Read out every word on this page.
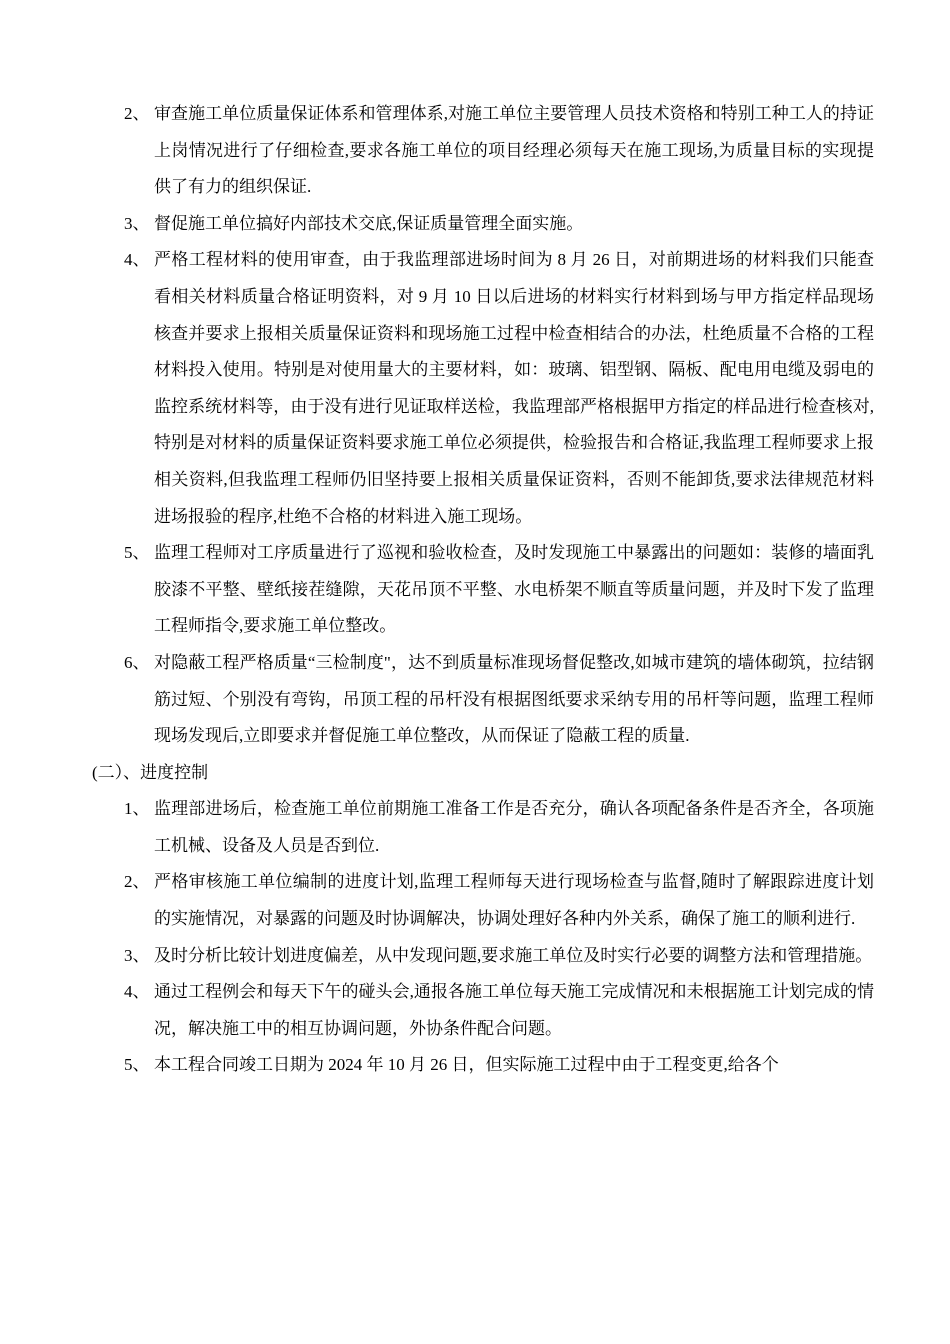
2、 审查施工单位质量保证体系和管理体系,对施工单位主要管理人员技术资格和特别工种工人的持证上岗情况进行了仔细检查,要求各施工单位的项目经理必须每天在施工现场,为质量目标的实现提供了有力的组织保证.
3、 督促施工单位搞好内部技术交底,保证质量管理全面实施。
4、 严格工程材料的使用审查，由于我监理部进场时间为 8 月 26 日，对前期进场的材料我们只能查看相关材料质量合格证明资料，对 9 月 10 日以后进场的材料实行材料到场与甲方指定样品现场核查并要求上报相关质量保证资料和现场施工过程中检查相结合的办法，杜绝质量不合格的工程材料投入使用。特别是对使用量大的主要材料，如：玻璃、铝型钢、隔板、配电用电缆及弱电的监控系统材料等，由于没有进行见证取样送检，我监理部严格根据甲方指定的样品进行检查核对,特别是对材料的质量保证资料要求施工单位必须提供，检验报告和合格证,我监理工程师要求上报相关资料,但我监理工程师仍旧坚持要上报相关质量保证资料，否则不能卸货,要求法律规范材料进场报验的程序,杜绝不合格的材料进入施工现场。
5、 监理工程师对工序质量进行了巡视和验收检查，及时发现施工中暴露出的问题如：装修的墙面乳胶漆不平整、壁纸接茬缝隙，天花吊顶不平整、水电桥架不顺直等质量问题，并及时下发了监理工程师指令,要求施工单位整改。
6、 对隐蔽工程严格质量“三检制度"，达不到质量标准现场督促整改,如城市建筑的墙体砌筑，拉结钢筋过短、个别没有弯钩，吊顶工程的吊杆没有根据图纸要求采纳专用的吊杆等问题，监理工程师现场发现后,立即要求并督促施工单位整改，从而保证了隐蔽工程的质量.
(二）、进度控制
1、 监理部进场后，检查施工单位前期施工准备工作是否充分，确认各项配备条件是否齐全，各项施工机械、设备及人员是否到位.
2、 严格审核施工单位编制的进度计划,监理工程师每天进行现场检查与监督,随时了解跟踪进度计划的实施情况，对暴露的问题及时协调解决，协调处理好各种内外关系，确保了施工的顺利进行.
3、 及时分析比较计划进度偏差，从中发现问题,要求施工单位及时实行必要的调整方法和管理措施。
4、 通过工程例会和每天下午的碰头会,通报各施工单位每天施工完成情况和未根据施工计划完成的情况，解决施工中的相互协调问题，外协条件配合问题。
5、 本工程合同竣工日期为 2024 年 10 月 26 日，但实际施工过程中由于工程变更,给各个
